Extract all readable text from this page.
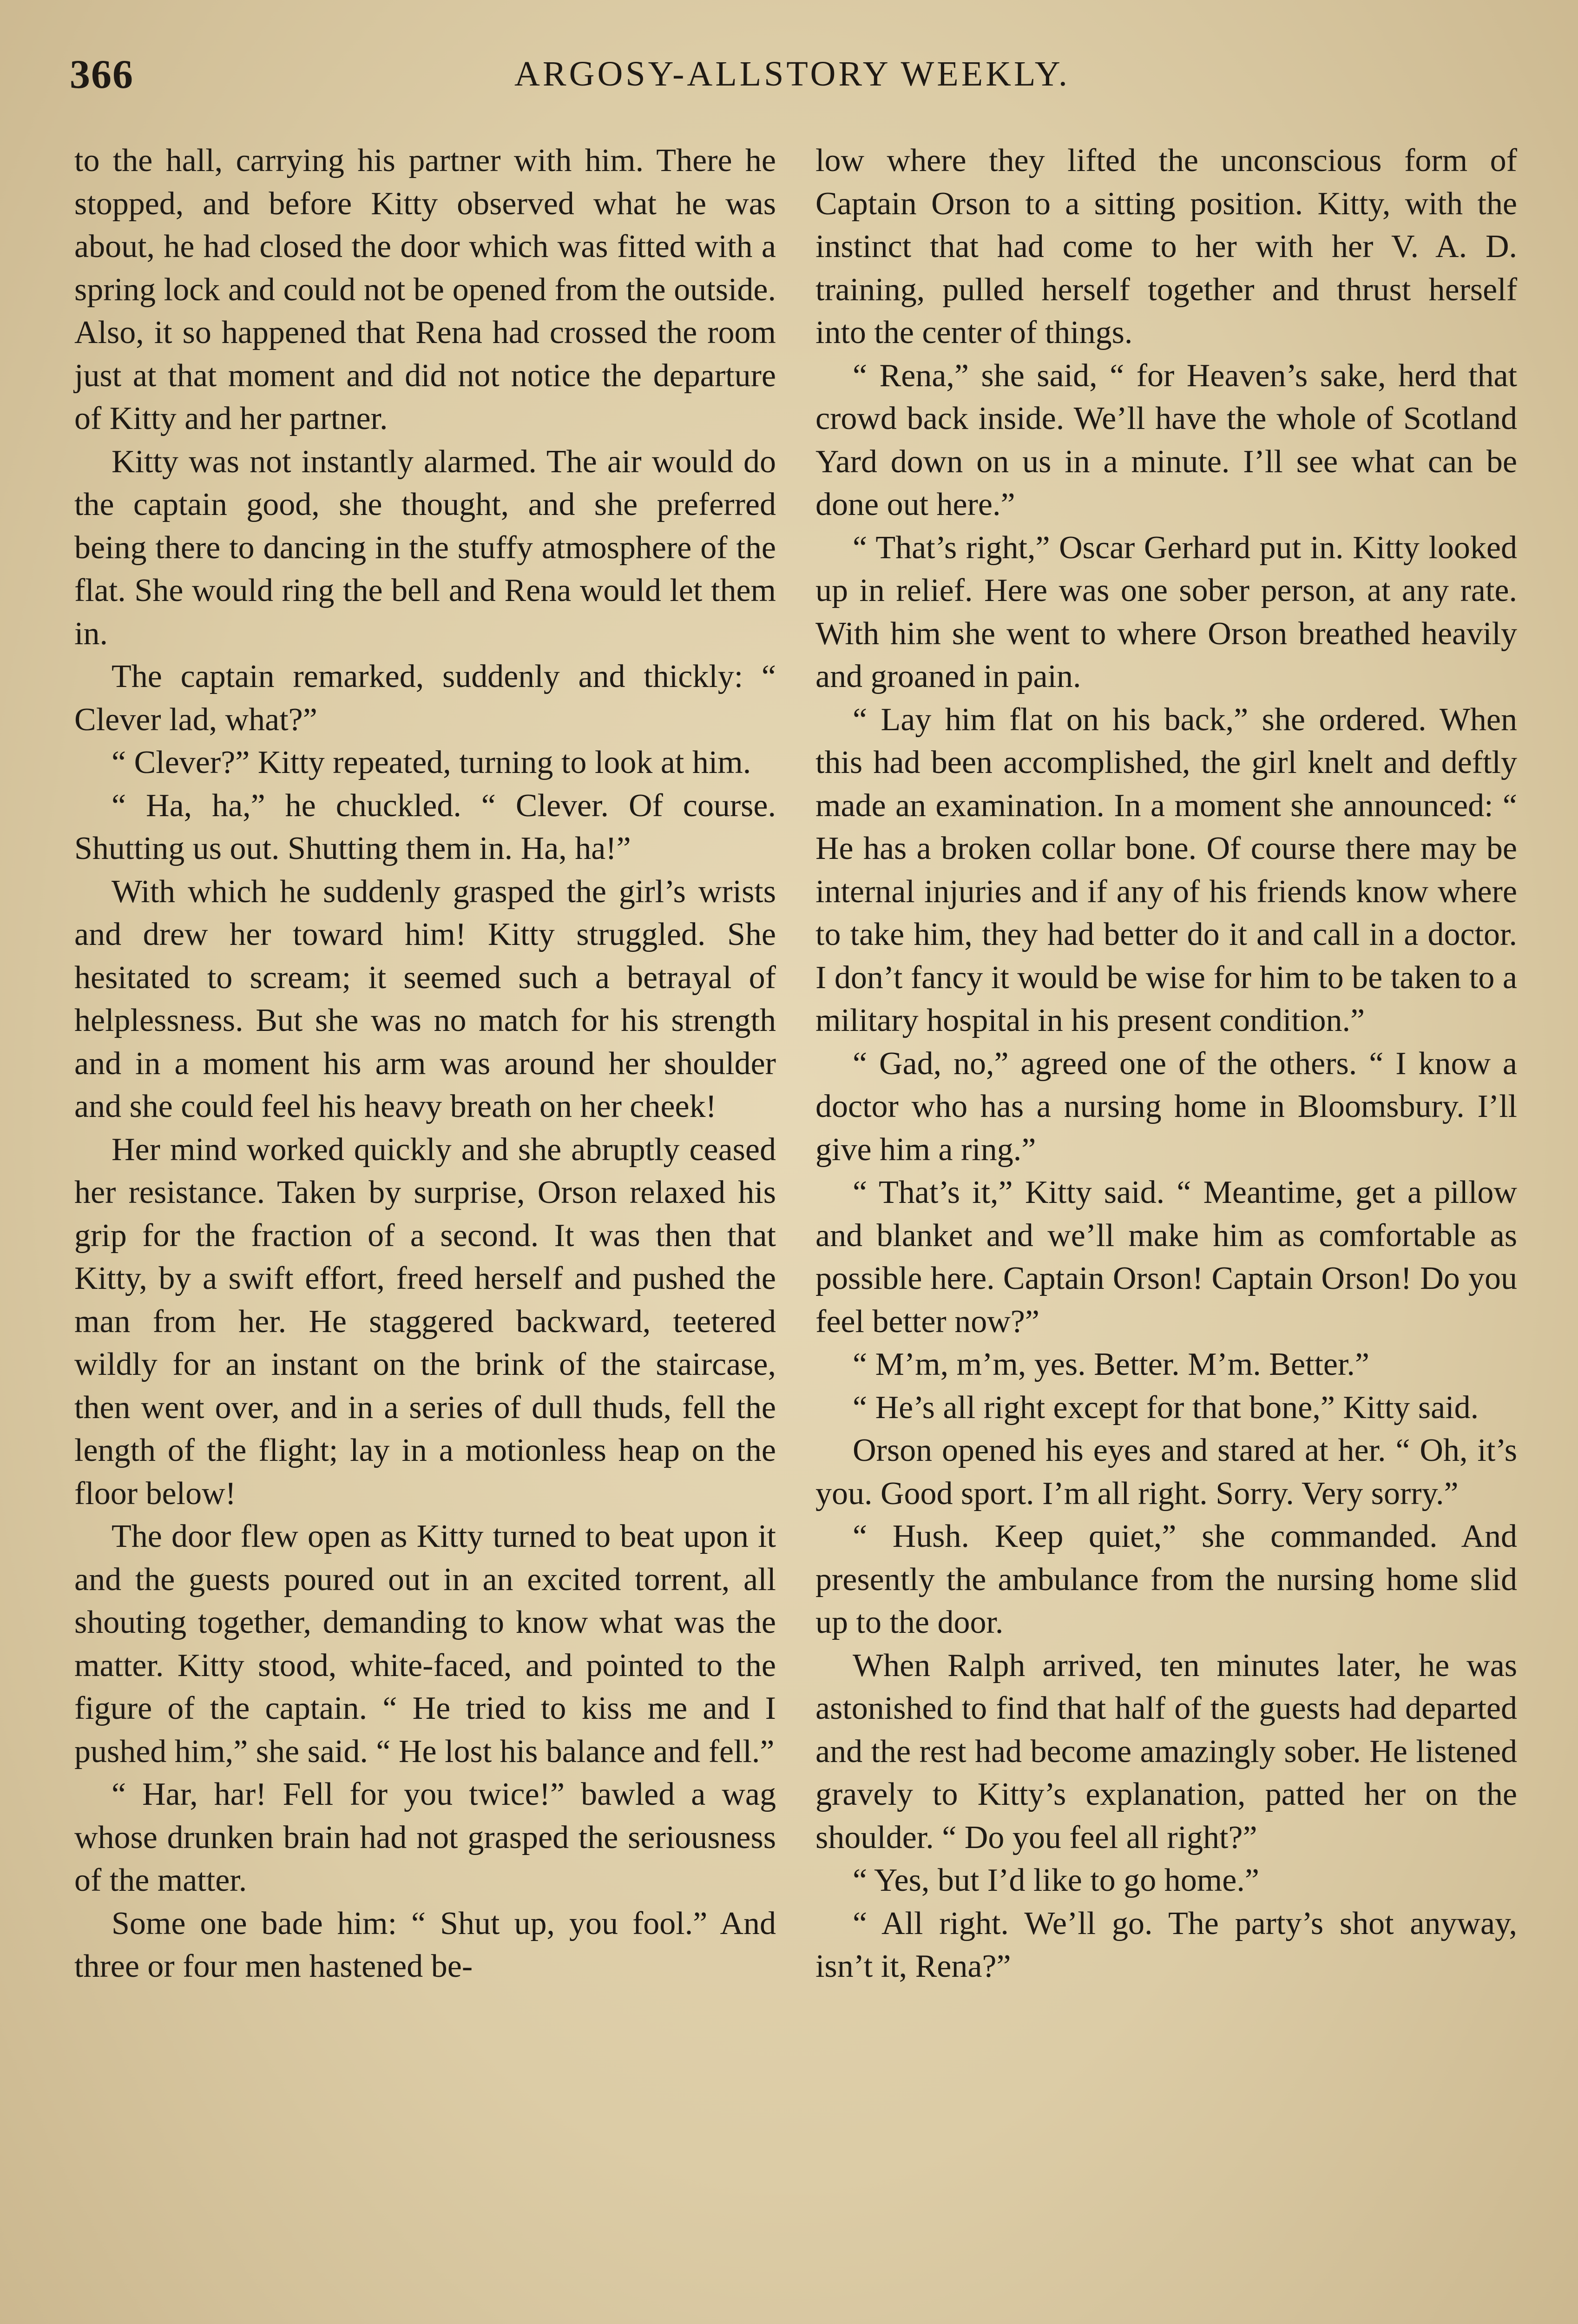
366	ARGOSY-ALLSTORY WEEKLY.

to the hall, carrying his partner with him. There he stopped, and before Kitty observed what he was about, he had closed the door which was fitted with a spring lock and could not be opened from the outside. Also, it so happened that Rena had crossed the room just at that moment and did not notice the departure of Kitty and her partner.

Kitty was not instantly alarmed. The air would do the captain good, she thought, and she preferred being there to dancing in the stuffy atmosphere of the flat. She would ring the bell and Rena would let them in.

The captain remarked, suddenly and thickly: “ Clever lad, what?”

“ Clever?” Kitty repeated, turning to look at him.

“ Ha, ha,” he chuckled. “ Clever. Of course. Shutting us out. Shutting them in. Ha, ha!”

With which he suddenly grasped the girl’s wrists and drew her toward him! Kitty struggled. She hesitated to scream; it seemed such a betrayal of helplessness. But she was no match for his strength and in a moment his arm was around her shoulder and she could feel his heavy breath on her cheek!

Her mind worked quickly and she abruptly ceased her resistance. Taken by surprise, Orson relaxed his grip for the fraction of a second. It was then that Kitty, by a swift effort, freed herself and pushed the man from her. He staggered backward, teetered wildly for an instant on the brink of the staircase, then went over, and in a series of dull thuds, fell the length of the flight; lay in a motionless heap on the floor below!

The door flew open as Kitty turned to beat upon it and the guests poured out in an excited torrent, all shouting together, demanding to know what was the matter. Kitty stood, white-faced, and pointed to the figure of the captain. “ He tried to kiss me and I pushed him,” she said. “ He lost his balance and fell.”

“ Har, har! Fell for you twice!” bawled a wag whose drunken brain had not grasped the seriousness of the matter.

Some one bade him: “ Shut up, you fool.” And three or four men hastened be-

low where they lifted the unconscious form of Captain Orson to a sitting position. Kitty, with the instinct that had come to her with her V. A. D. training, pulled herself together and thrust herself into the center of things.

“ Rena,” she said, “ for Heaven’s sake, herd that crowd back inside. We’ll have the whole of Scotland Yard down on us in a minute. I’ll see what can be done out here.”

“ That’s right,” Oscar Gerhard put in. Kitty looked up in relief. Here was one sober person, at any rate. With him she went to where Orson breathed heavily and groaned in pain.

“ Lay him flat on his back,” she ordered. When this had been accomplished, the girl knelt and deftly made an examination. In a moment she announced: “ He has a broken collar bone. Of course there may be internal injuries and if any of his friends know where to take him, they had better do it and call in a doctor. I don’t fancy it would be wise for him to be taken to a military hospital in his present condition.”

“ Gad, no,” agreed one of the others. “ I know a doctor who has a nursing home in Bloomsbury. I’ll give him a ring.”

“ That’s it,” Kitty said. “ Meantime, get a pillow and blanket and we’ll make him as comfortable as possible here. Captain Orson! Captain Orson! Do you feel better now?”

“ M’m, m’m, yes. Better. M’m. Better.”

“ He’s all right except for that bone,” Kitty said.

Orson opened his eyes and stared at her. “ Oh, it’s you. Good sport. I’m all right. Sorry. Very sorry.”

“ Hush. Keep quiet,” she commanded. And presently the ambulance from the nursing home slid up to the door.

When Ralph arrived, ten minutes later, he was astonished to find that half of the guests had departed and the rest had become amazingly sober. He listened gravely to Kitty’s explanation, patted her on the shoulder. “ Do you feel all right?”

“ Yes, but I’d like to go home.”

“ All right. We’ll go. The party’s shot anyway, isn’t it, Rena?”
